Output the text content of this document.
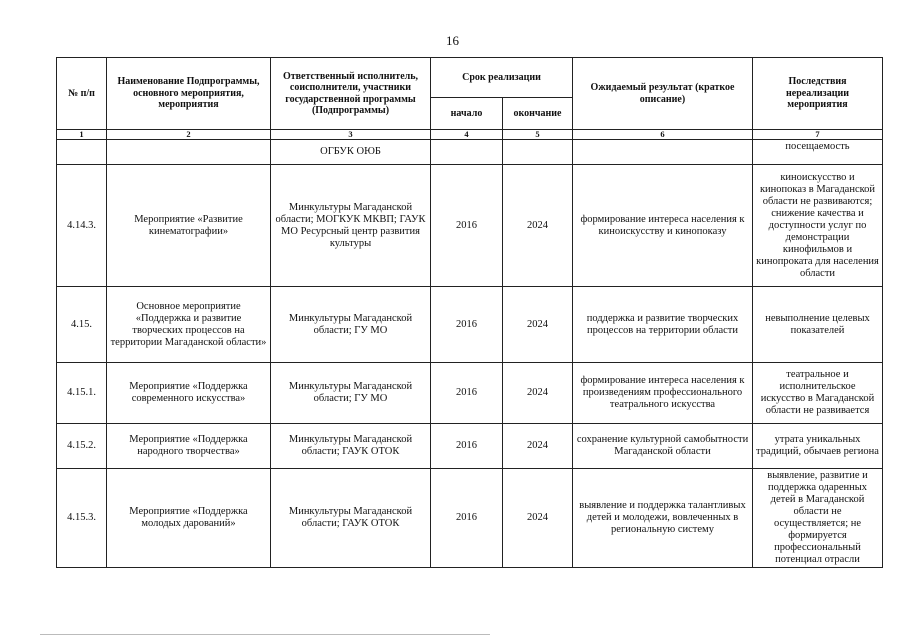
16
№ п/п	Наименование Подпрограммы, основного мероприятия, мероприятия	Ответственный исполнитель, соисполнители, участники государственной программы (Подпрограммы)	Срок реализации		Ожидаемый результат (краткое описание)	Последствия нереализации мероприятия
			начало	окончание		
1	2	3	4	5	6	7
		ОГБУК ОЮБ				посещаемость
4.14.3.	Мероприятие «Развитие кинематографии»	Минкультуры Магаданской области; МОГКУК МКВП; ГАУК МО Ресурсный центр развития культуры	2016	2024	формирование интереса населения к киноискусству и кинопоказу	киноискусство и кинопоказ в Магаданской области не развиваются; снижение качества и доступности услуг по демонстрации кинофильмов и кинопроката для населения области
4.15.	Основное мероприятие «Поддержка и развитие творческих процессов на территории Магаданской области»	Минкультуры Магаданской области; ГУ МО	2016	2024	поддержка и развитие творческих процессов на территории области	невыполнение целевых показателей
4.15.1.	Мероприятие «Поддержка современного искусства»	Минкультуры Магаданской области; ГУ МО	2016	2024	формирование интереса населения к произведениям профессионального театрального искусства	театральное и исполнительское искусство в Магаданской области не развивается
4.15.2.	Мероприятие «Поддержка народного творчества»	Минкультуры Магаданской области; ГАУК ОТОК	2016	2024	сохранение культурной самобытности Магаданской области	утрата уникальных традиций, обычаев региона
4.15.3.	Мероприятие «Поддержка молодых дарований»	Минкультуры Магаданской области; ГАУК ОТОК	2016	2024	выявление и поддержка талантливых детей и молодежи, вовлеченных в региональную систему	выявление, развитие и поддержка одаренных детей в Магаданской области не осуществляется; не формируется профессиональный потенциал отрасли
